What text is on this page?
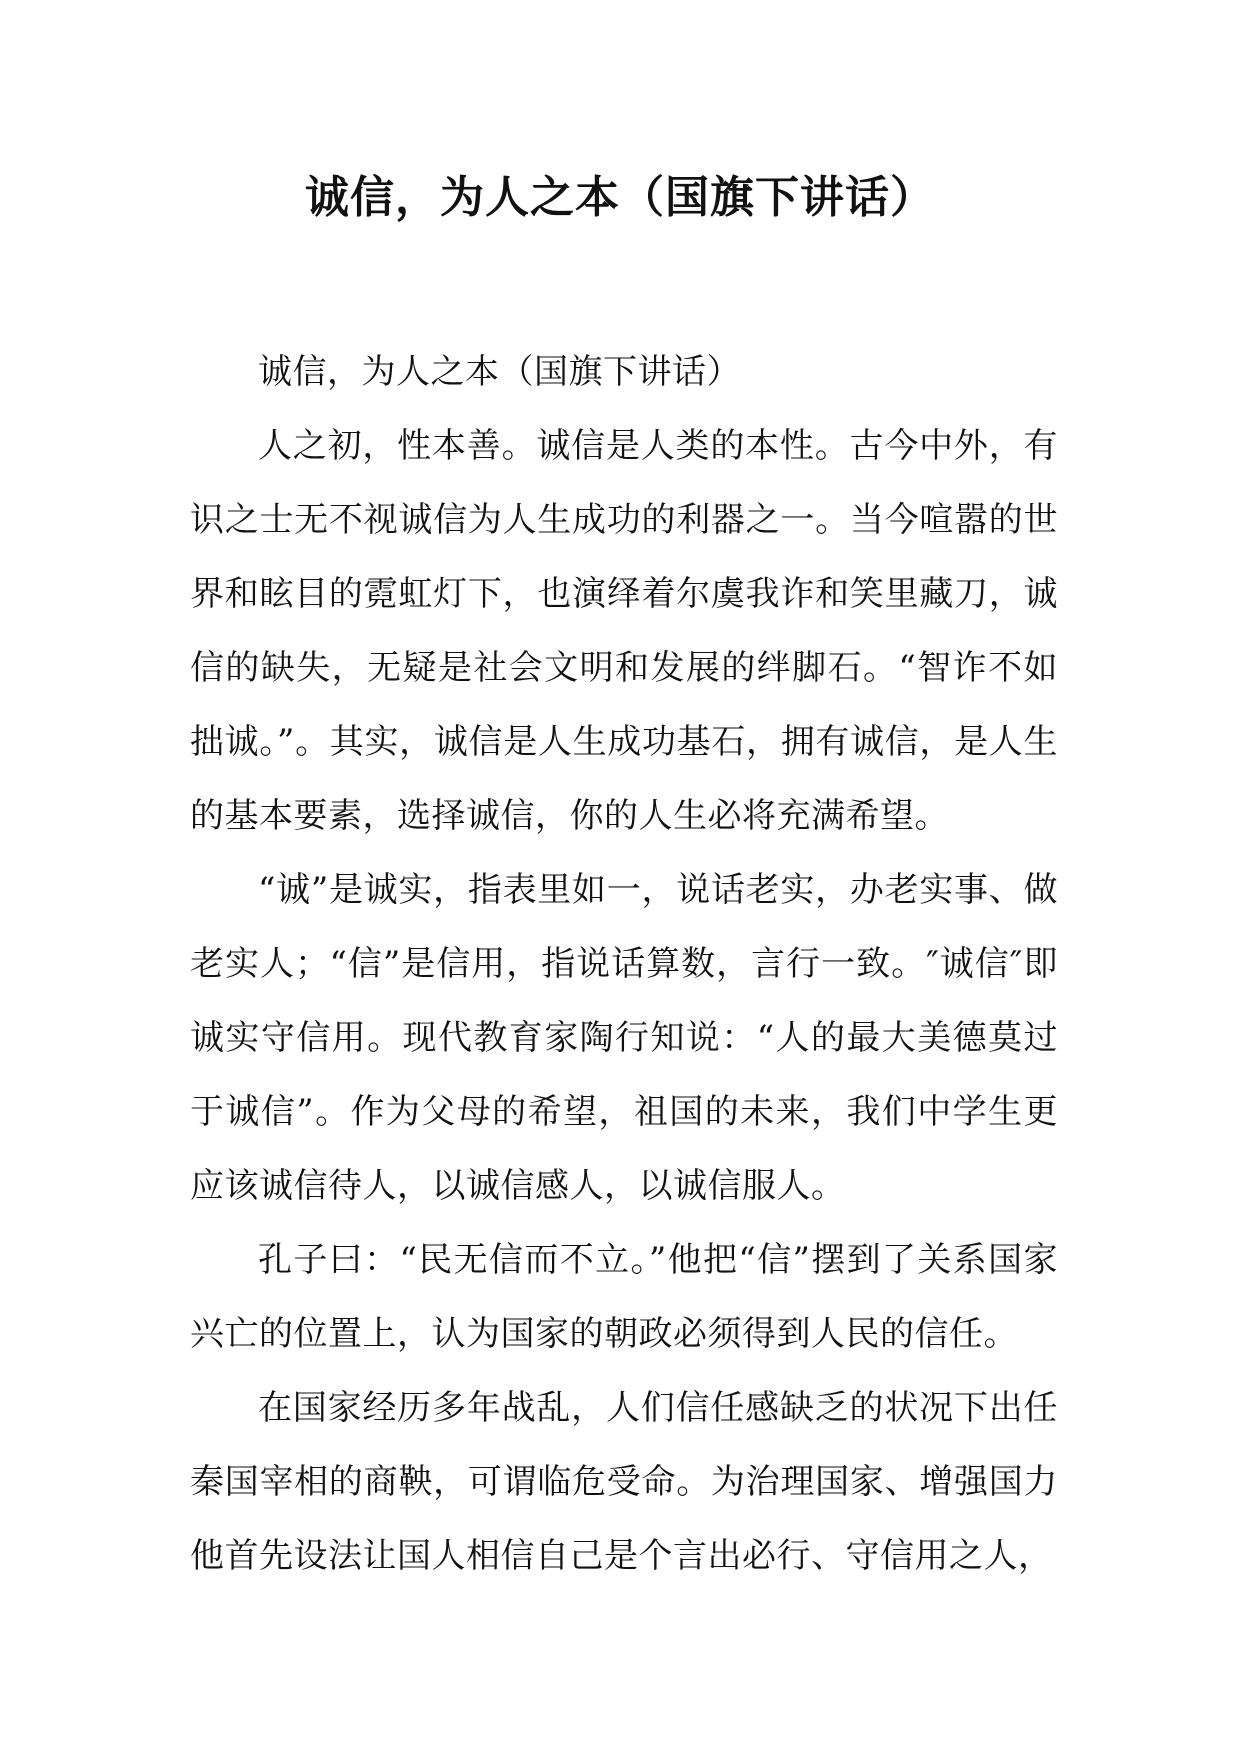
诚信，为人之本（国旗下讲话）

诚信，为人之本（国旗下讲话）

人之初，性本善。诚信是人类的本性。古今中外，有识之士无不视诚信为人生成功的利器之一。当今喧嚣的世界和眩目的霓虹灯下，也演绎着尔虞我诈和笑里藏刀，诚信的缺失，无疑是社会文明和发展的绊脚石。“智诈不如拙诚。”。其实，诚信是人生成功基石，拥有诚信，是人生的基本要素，选择诚信，你的人生必将充满希望。

“诚”是诚实，指表里如一，说话老实，办老实事、做老实人；“信”是信用，指说话算数，言行一致。″诚信″即诚实守信用。现代教育家陶行知说：“人的最大美德莫过于诚信”。作为父母的希望，祖国的未来，我们中学生更应该诚信待人，以诚信感人，以诚信服人。

孔子曰：“民无信而不立。”他把“信”摆到了关系国家兴亡的位置上，认为国家的朝政必须得到人民的信任。

在国家经历多年战乱，人们信任感缺乏的状况下出任秦国宰相的商鞅，可谓临危受命。为治理国家、增强国力他首先设法让国人相信自己是个言出必行、守信用之人，
